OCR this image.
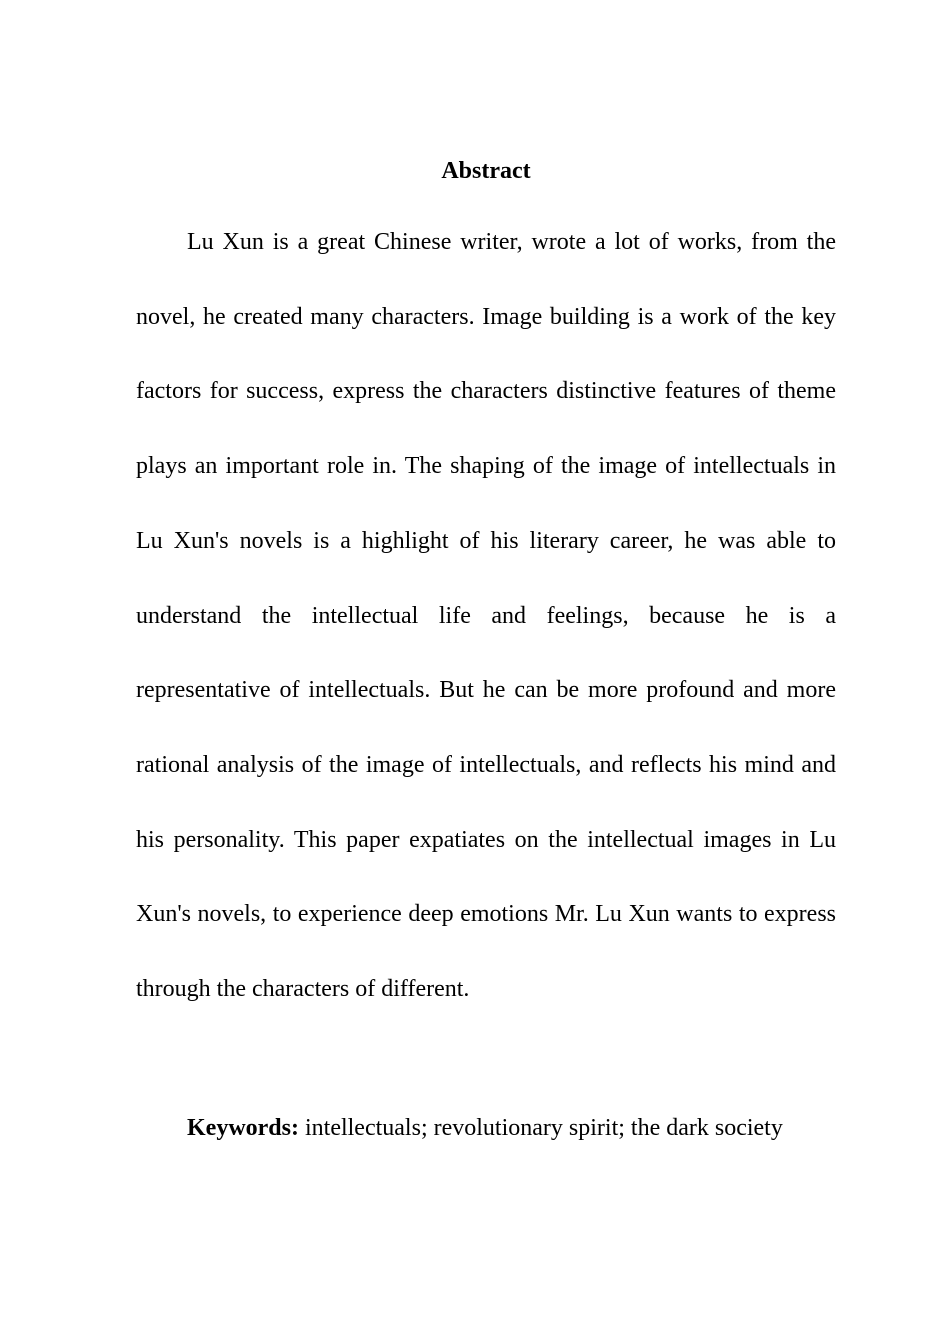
Abstract

Lu Xun is a great Chinese writer, wrote a lot of works, from the novel, he created many characters. Image building is a work of the key factors for success, express the characters distinctive features of theme plays an important role in. The shaping of the image of intellectuals in Lu Xun's novels is a highlight of his literary career, he was able to understand the intellectual life and feelings, because he is a representative of intellectuals. But he can be more profound and more rational analysis of the image of intellectuals, and reflects his mind and his personality. This paper expatiates on the intellectual images in Lu Xun's novels, to experience deep emotions Mr. Lu Xun wants to express through the characters of different.

Keywords: intellectuals; revolutionary spirit; the dark society
